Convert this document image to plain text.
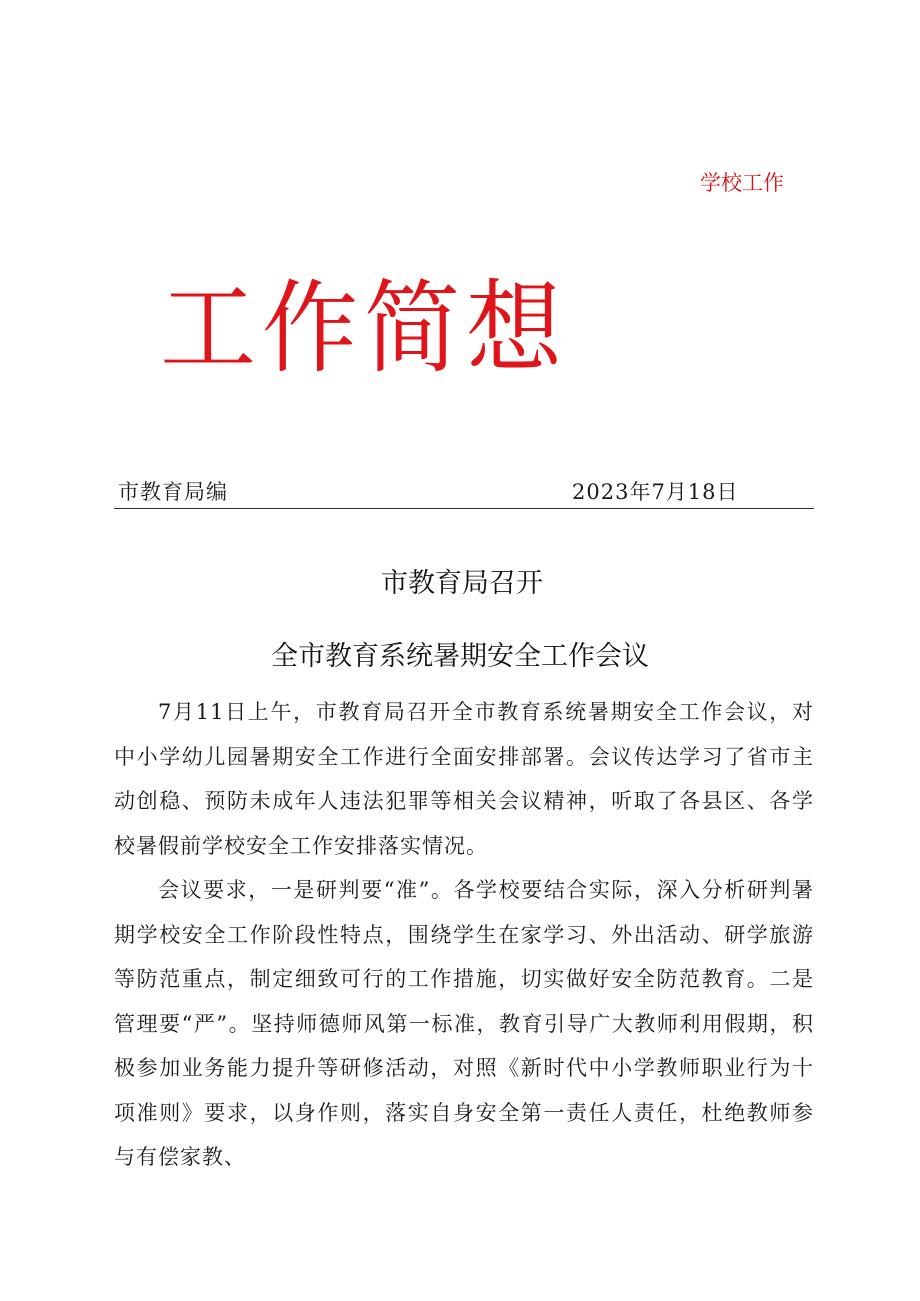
学校工作
工作简想
市教育局编	2023年7月18日
市教育局召开
全市教育系统暑期安全工作会议

7月11日上午，市教育局召开全市教育系统暑期安全工作会议，对中小学幼儿园暑期安全工作进行全面安排部署。会议传达学习了省市主动创稳、预防未成年人违法犯罪等相关会议精神，听取了各县区、各学校暑假前学校安全工作安排落实情况。

会议要求，一是研判要“准”。各学校要结合实际，深入分析研判暑期学校安全工作阶段性特点，围绕学生在家学习、外出活动、研学旅游等防范重点，制定细致可行的工作措施，切实做好安全防范教育。二是管理要“严”。坚持师德师风第一标准，教育引导广大教师利用假期，积极参加业务能力提升等研修活动，对照《新时代中小学教师职业行为十项准则》要求，以身作则，落实自身安全第一责任人责任，杜绝教师参与有偿家教、
